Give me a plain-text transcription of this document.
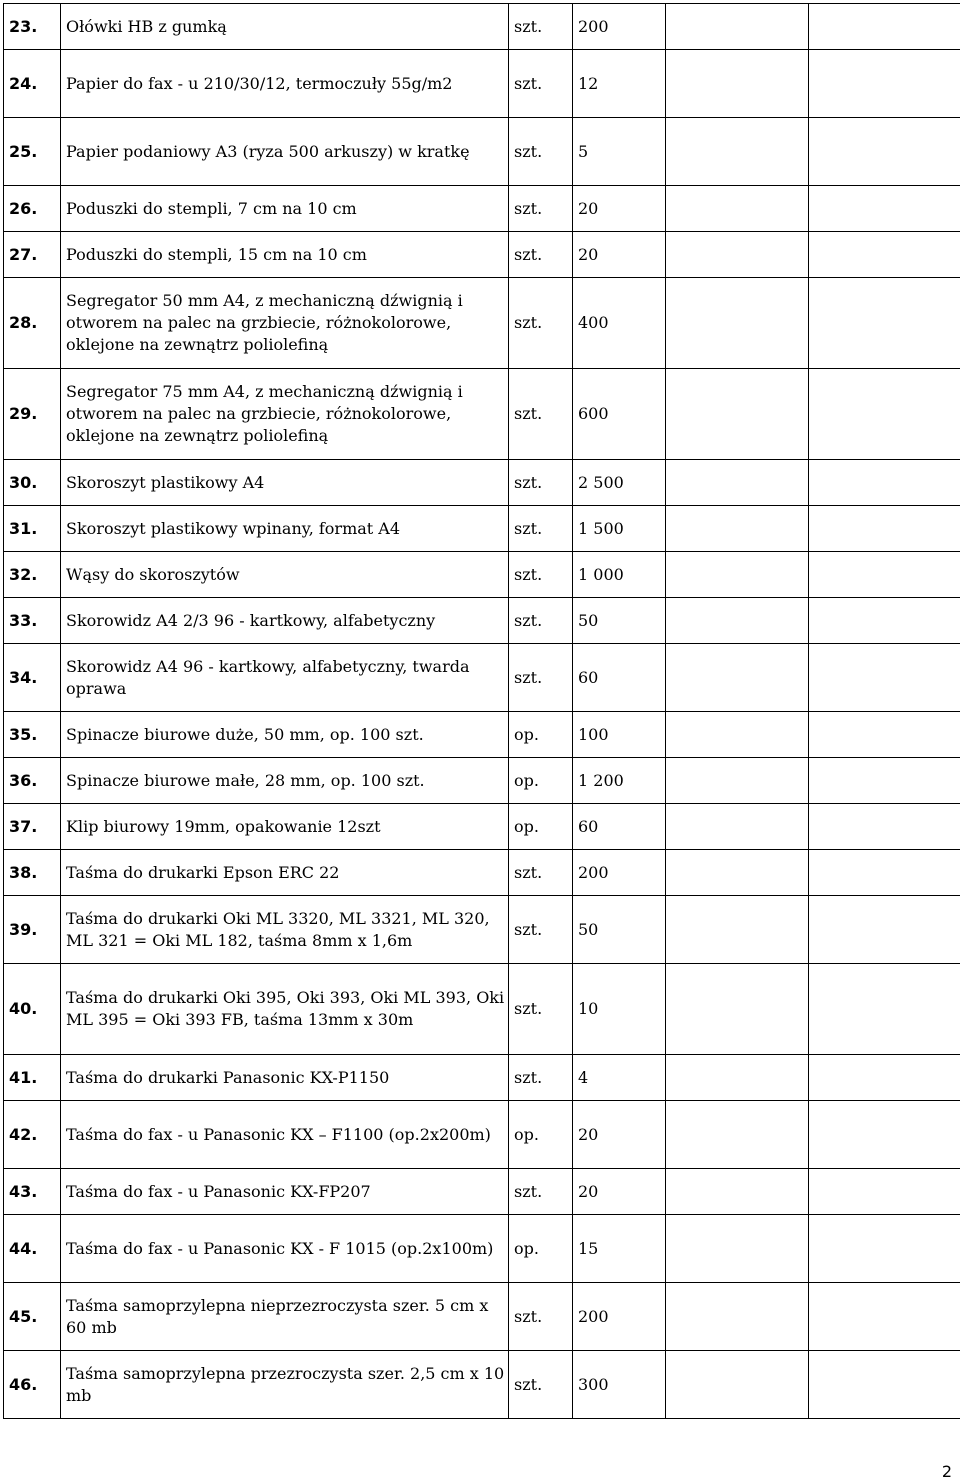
23.	Ołówki HB z gumką	szt.	200		
24.	Papier do fax - u 210/30/12, termoczuły 55g/m2	szt.	12		
25.	Papier podaniowy A3 (ryza 500 arkuszy) w kratkę	szt.	5		
26.	Poduszki do stempli, 7 cm na 10 cm	szt.	20		
27.	Poduszki do stempli, 15 cm na 10 cm	szt.	20		
28.	Segregator 50 mm A4, z mechaniczną dźwignią i otworem na palec na grzbiecie, różnokolorowe, oklejone na zewnątrz poliolefiną	szt.	400		
29.	Segregator 75 mm A4, z mechaniczną dźwignią i otworem na palec na grzbiecie, różnokolorowe, oklejone na zewnątrz poliolefiną	szt.	600		
30.	Skoroszyt plastikowy A4	szt.	2 500		
31.	Skoroszyt plastikowy wpinany, format A4	szt.	1 500		
32.	Wąsy do skoroszytów	szt.	1 000		
33.	Skorowidz A4 2/3 96 - kartkowy, alfabetyczny	szt.	50		
34.	Skorowidz A4 96 - kartkowy, alfabetyczny, twarda oprawa	szt.	60		
35.	Spinacze biurowe duże, 50 mm, op. 100 szt.	op.	100		
36.	Spinacze biurowe małe, 28 mm, op. 100 szt.	op.	1 200		
37.	Klip biurowy 19mm, opakowanie 12szt	op.	60		
38.	Taśma do drukarki Epson ERC 22	szt.	200		
39.	Taśma do drukarki Oki ML 3320, ML 3321, ML 320, ML 321 = Oki ML 182, taśma 8mm x 1,6m	szt.	50		
40.	Taśma do drukarki Oki 395, Oki 393, Oki ML 393, Oki ML 395 = Oki 393 FB, taśma 13mm x 30m	szt.	10		
41.	Taśma do drukarki Panasonic KX-P1150	szt.	4		
42.	Taśma do fax - u Panasonic KX – F1100 (op.2x200m)	op.	20		
43.	Taśma do fax - u Panasonic KX-FP207	szt.	20		
44.	Taśma do fax - u Panasonic KX - F 1015 (op.2x100m)	op.	15		
45.	Taśma samoprzylepna nieprzezroczysta szer. 5 cm x 60 mb	szt.	200		
46.	Taśma samoprzylepna przezroczysta szer. 2,5 cm x 10 mb	szt.	300		
2
